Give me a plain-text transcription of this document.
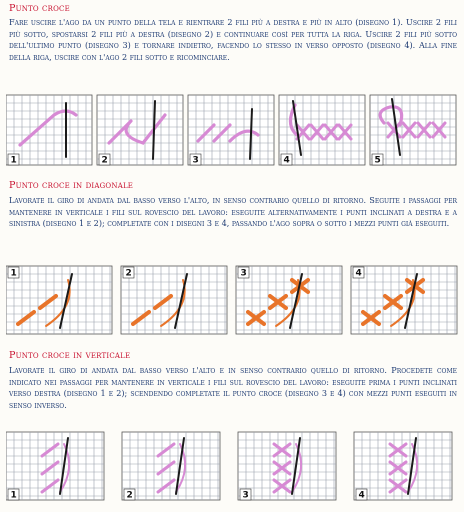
Punto croce
Fare uscire l'ago da un punto della tela e rientrare 2 fili più a destra e più in alto (disegno 1). Uscire 2 fili più sotto, spostarsi 2 fili più a destra (disegno 2) e continuare così per tutta la riga. Uscire 2 fili più sotto dell'ultimo punto (disegno 3) e tornare indietro, facendo lo stesso in verso opposto (disegno 4). Alla fine della riga, uscire con l'ago 2 fili sotto e ricominciare.
1	2	3	4	5
Punto croce in diagonale
Lavorate il giro di andata dal basso verso l'alto, in senso contrario quello di ritorno. Seguite i passaggi per mantenere in verticale i fili sul rovescio del lavoro: eseguite alternativamente i punti inclinati a destra e a sinistra (disegno 1 e 2); completate con i disegni 3 e 4, passando l'ago sopra o sotto i mezzi punti già eseguiti.
1	2	3	4
Punto croce in verticale
Lavorate il giro di andata dal basso verso l'alto e in senso contrario quello di ritorno. Procedete come indicato nei passaggi per mantenere in verticale i fili sul rovescio del lavoro: eseguite prima i punti inclinati verso destra (disegno 1 e 2); scendendo completate il punto croce (disegno 3 e 4) con mezzi punti eseguiti in senso inverso.
1	2	3	4
